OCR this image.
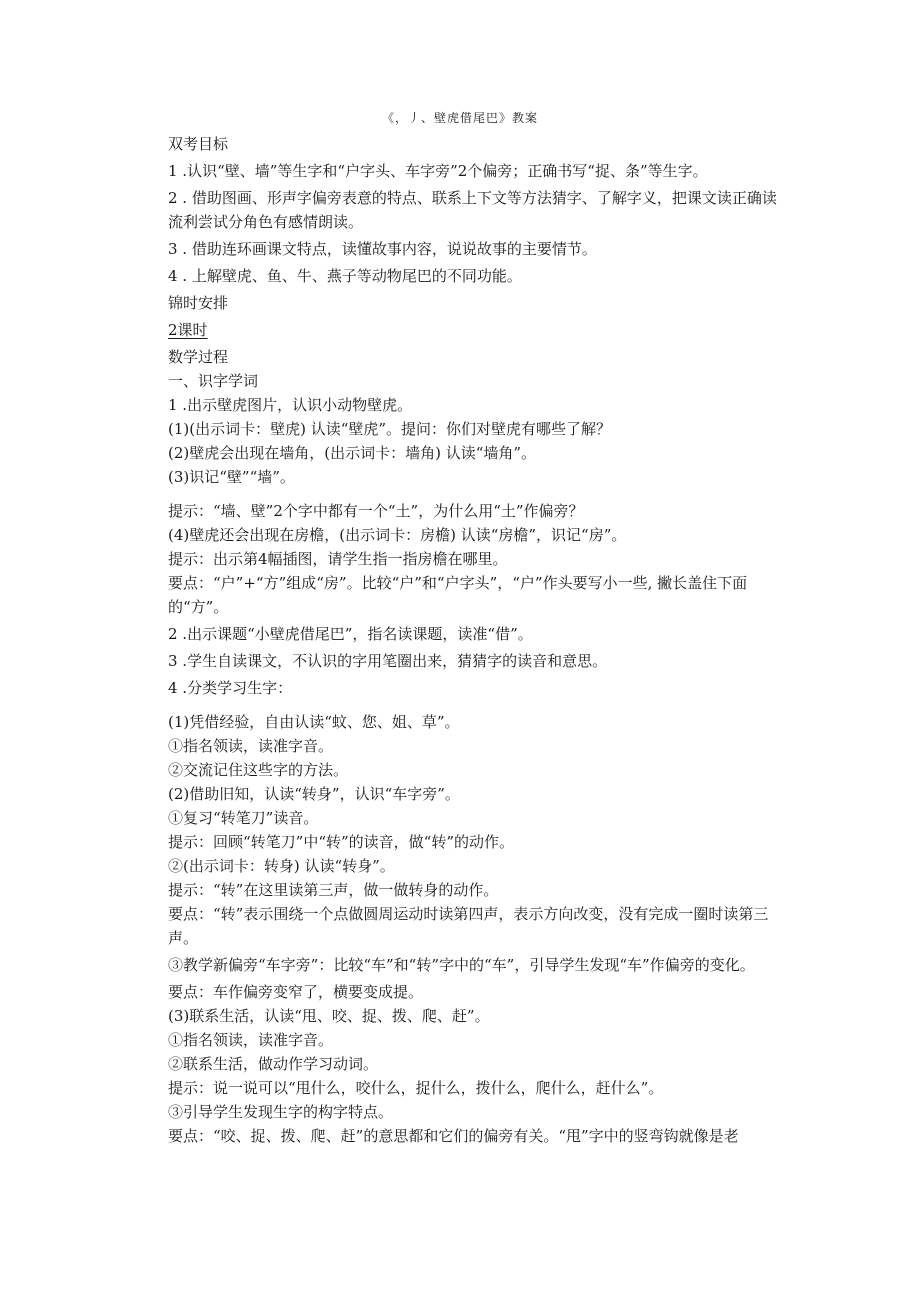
《，丿、壁虎借尾巴》教案

双考目标

1 .认识“壁、墙”等生字和“户字头、车字旁”2个偏旁；正确书写“捉、条”等生字。

2 . 借助图画、形声字偏旁表意的特点、联系上下文等方法猜字、了解字义，把课文读正确读流利尝试分角色有感情朗读。

3 . 借助连环画课文特点，读懂故事内容，说说故事的主要情节。

4 . 上解壁虎、鱼、牛、燕子等动物尾巴的不同功能。

锦时安排

2课时

数学过程

一、识字学词

1 .出示壁虎图片，认识小动物壁虎。

(1)(出示词卡：壁虎) 认读“壁虎”。提问：你们对壁虎有哪些了解？

(2)壁虎会出现在墙角，(出示词卡：墙角) 认读“墙角”。

(3)识记“壁”“墙”。

提示：“墙、壁”2个字中都有一个“土”，为什么用“土”作偏旁？

(4)壁虎还会出现在房檐，(出示词卡：房檐) 认读“房檐”，识记“房”。

提示：出示第4幅插图，请学生指一指房檐在哪里。

要点：“户”+“方”组成“房”。比较“户”和“户字头”，“户”作头要写小一些, 撇长盖住下面的“方”。

2 .出示课题“小壁虎借尾巴”，指名读课题，读准“借”。

3 .学生自读课文，不认识的字用笔圈出来，猜猜字的读音和意思。

4 .分类学习生字：

(1)凭借经验，自由认读“蚊、您、姐、草”。

①指名领读，读准字音。

②交流记住这些字的方法。

(2)借助旧知，认读“转身”，认识“车字旁”。

①复习“转笔刀”读音。

提示：回顾“转笔刀”中“转”的读音，做“转”的动作。

②(出示词卡：转身) 认读“转身”。

提示：“转”在这里读第三声，做一做转身的动作。

要点：“转”表示围绕一个点做圆周运动时读第四声，表示方向改变，没有完成一圈时读第三声。

③教学新偏旁“车字旁”：比较“车”和“转”字中的“车”，引导学生发现“车”作偏旁的变化。

要点：车作偏旁变窄了，横要变成提。

(3)联系生活，认读“甩、咬、捉、拨、爬、赶”。

①指名领读，读准字音。

②联系生活，做动作学习动词。

提示：说一说可以“甩什么，咬什么，捉什么，拨什么，爬什么，赶什么”。

③引导学生发现生字的构字特点。

要点：“咬、捉、拨、爬、赶”的意思都和它们的偏旁有关。“甩”字中的竖弯钩就像是老
